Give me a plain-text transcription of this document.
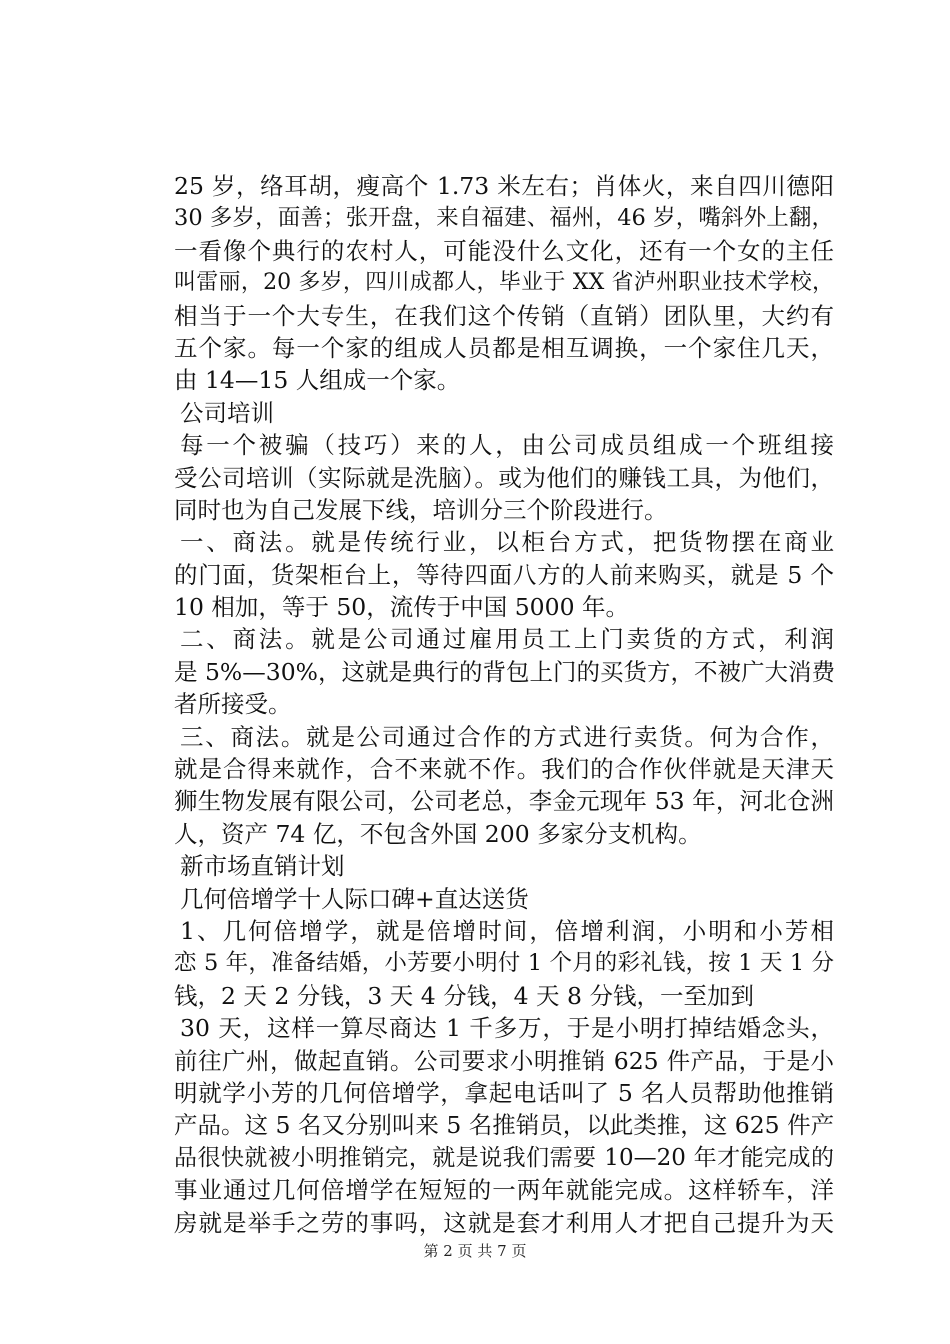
25 岁，络耳胡，瘦高个 1.73 米左右；肖体火，来自四川德阳
30 多岁，面善；张开盘，来自福建、福州，46 岁，嘴斜外上翻，
一看像个典行的农村人，可能没什么文化，还有一个女的主任
叫雷丽，20 多岁，四川成都人，毕业于 XX 省泸州职业技术学校，
相当于一个大专生，在我们这个传销（直销）团队里，大约有
五个家。每一个家的组成人员都是相互调换，一个家住几天，
由 14—15 人组成一个家。
公司培训
每一个被骗（技巧）来的人，由公司成员组成一个班组接
受公司培训（实际就是洗脑）。或为他们的赚钱工具，为他们，
同时也为自己发展下线，培训分三个阶段进行。
一、商法。就是传统行业，以柜台方式，把货物摆在商业
的门面，货架柜台上，等待四面八方的人前来购买，就是 5 个
10 相加，等于 50，流传于中国 5000 年。
二、商法。就是公司通过雇用员工上门卖货的方式，利润
是 5%—30%，这就是典行的背包上门的买货方，不被广大消费
者所接受。
三、商法。就是公司通过合作的方式进行卖货。何为合作，
就是合得来就作，合不来就不作。我们的合作伙伴就是天津天
狮生物发展有限公司，公司老总，李金元现年 53 年，河北仓洲
人，资产 74 亿，不包含外国 200 多家分支机构。
新市场直销计划
几何倍增学十人际口碑+直达送货
1、几何倍增学，就是倍增时间，倍增利润，小明和小芳相
恋 5 年，准备结婚，小芳要小明付 1 个月的彩礼钱，按 1 天 1 分
钱，2 天 2 分钱，3 天 4 分钱，4 天 8 分钱，一至加到
30 天，这样一算尽商达 1 千多万，于是小明打掉结婚念头，
前往广州，做起直销。公司要求小明推销 625 件产品，于是小
明就学小芳的几何倍增学，拿起电话叫了 5 名人员帮助他推销
产品。这 5 名又分别叫来 5 名推销员，以此类推，这 625 件产
品很快就被小明推销完，就是说我们需要 10—20 年才能完成的
事业通过几何倍增学在短短的一两年就能完成。这样轿车，洋
房就是举手之劳的事吗，这就是套才利用人才把自己提升为天
第 2 页 共 7 页
